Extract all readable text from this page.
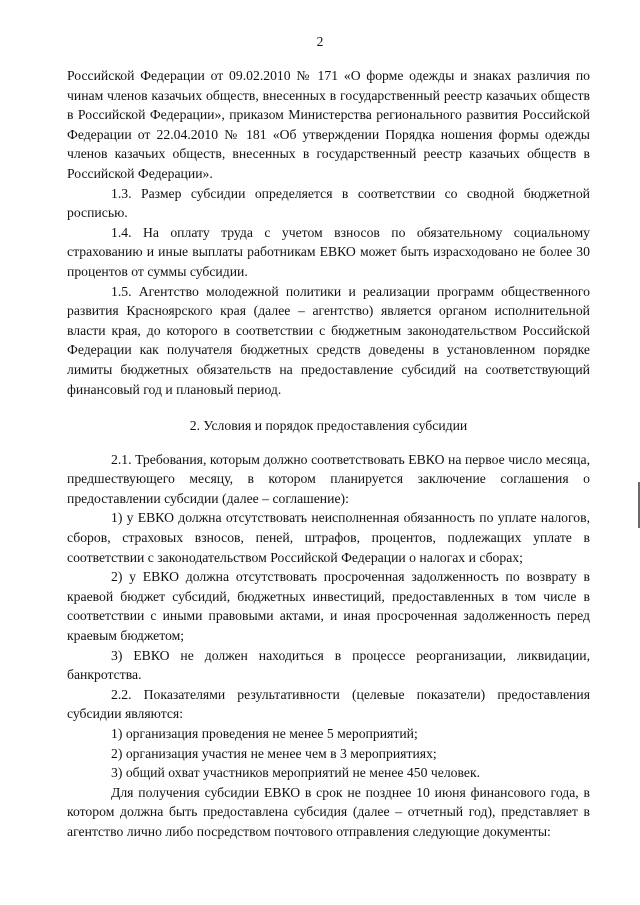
2

Российской Федерации от 09.02.2010 № 171 «О форме одежды и знаках различия по чинам членов казачьих обществ, внесенных в государственный реестр казачьих обществ в Российской Федерации», приказом Министерства регионального развития Российской Федерации от 22.04.2010 № 181 «Об утверждении Порядка ношения формы одежды членов казачьих обществ, внесенных в государственный реестр казачьих обществ в Российской Федерации».

1.3. Размер субсидии определяется в соответствии со сводной бюджетной росписью.

1.4. На оплату труда с учетом взносов по обязательному социальному страхованию и иные выплаты работникам ЕВКО может быть израсходовано не более 30 процентов от суммы субсидии.

1.5. Агентство молодежной политики и реализации программ общественного развития Красноярского края (далее – агентство) является органом исполнительной власти края, до которого в соответствии с бюджетным законодательством Российской Федерации как получателя бюджетных средств доведены в установленном порядке лимиты бюджетных обязательств на предоставление субсидий на соответствующий финансовый год и плановый период.

2. Условия и порядок предоставления субсидии

2.1. Требования, которым должно соответствовать ЕВКО на первое число месяца, предшествующего месяцу, в котором планируется заключение соглашения о предоставлении субсидии (далее – соглашение):

1) у ЕВКО должна отсутствовать неисполненная обязанность по уплате налогов, сборов, страховых взносов, пеней, штрафов, процентов, подлежащих уплате в соответствии с законодательством Российской Федерации о налогах и сборах;

2) у ЕВКО должна отсутствовать просроченная задолженность по возврату в краевой бюджет субсидий, бюджетных инвестиций, предоставленных в том числе в соответствии с иными правовыми актами, и иная просроченная задолженность перед краевым бюджетом;

3) ЕВКО не должен находиться в процессе реорганизации, ликвидации, банкротства.

2.2. Показателями результативности (целевые показатели) предоставления субсидии являются:

1) организация проведения не менее 5 мероприятий;

2) организация участия не менее чем в 3 мероприятиях;

3) общий охват участников мероприятий не менее 450 человек.

Для получения субсидии ЕВКО в срок не позднее 10 июня финансового года, в котором должна быть предоставлена субсидия (далее – отчетный год), представляет в агентство лично либо посредством почтового отправления следующие документы:
